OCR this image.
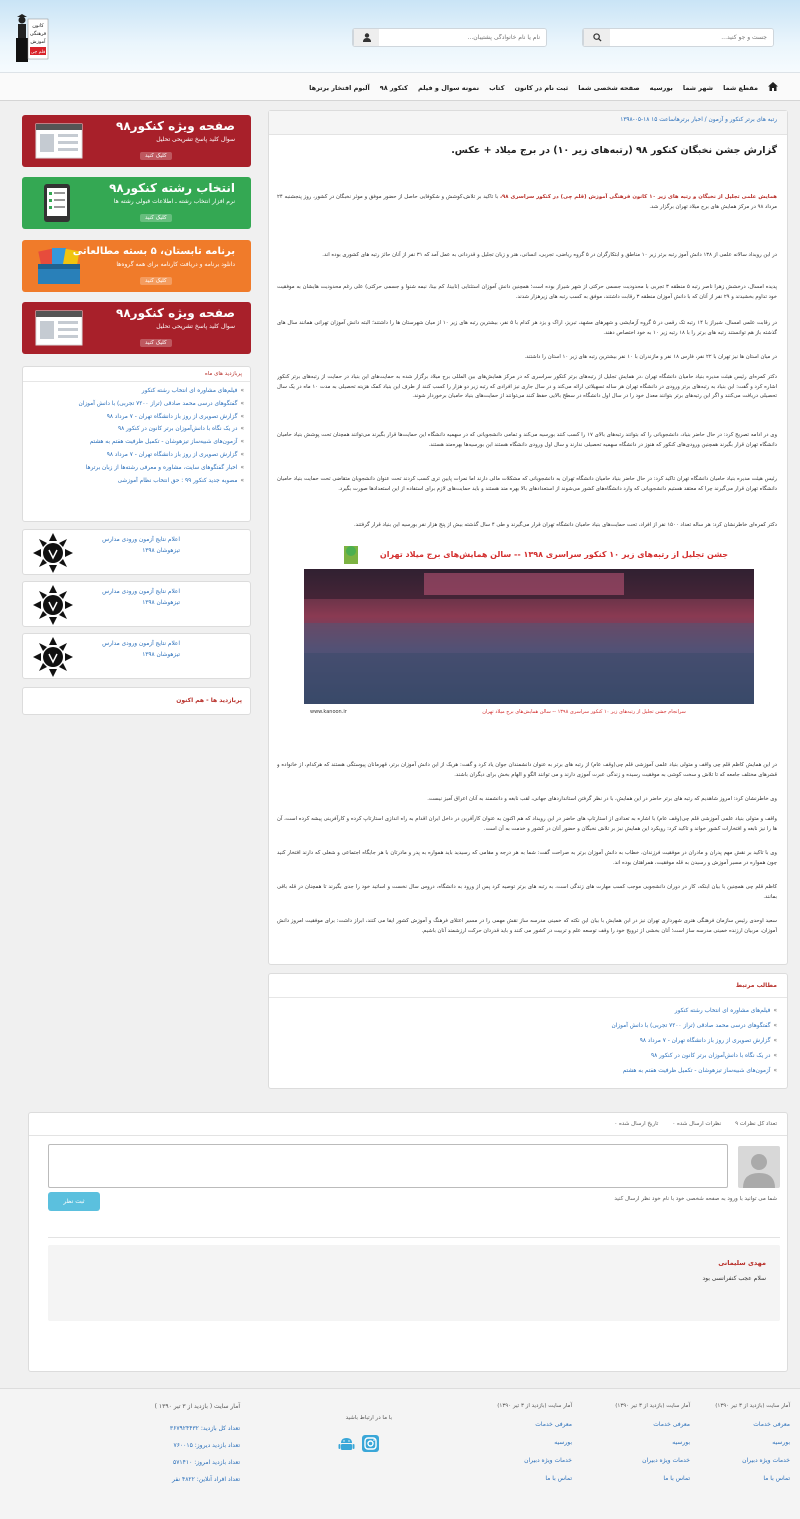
کانون
فرهنگی
آموزش
قلم چی
جست و جو کنید...
نام یا نام خانوادگی پشتیبان...
مقطع شما
شهر شما
بورسیه
صفحه شخصی شما
ثبت نام در کانون
کتاب
نمونه سوال و فیلم
کنکور ۹۸
آلبوم افتخار برترها
صفحه ویژه کنکور۹۸
سوال کلید پاسخ تشریحی تحلیل
کلیک کنید
انتخاب رشته کنکور۹۸
نرم افزار انتخاب رشته ـ اطلاعات قبولی رشته ها
کلیک کنید
برنامه تابستان، ۵ بسته مطالعاتی
دانلود برنامه و دریافت کارنامه برای همه گروه‌ها
کلیک کنید
صفحه ویژه کنکور۹۸
سوال کلید پاسخ تشریحی تحلیل
کلیک کنید
پربازدید های ماه
» فیلم‌های مشاوره ای انتخاب رشته کنکور
» گفتگوهای درسی محمد صادقی (تراز ۷۲۰۰ تجربی) با دانش آموزان
» گزارش تصویری از روز باز دانشگاه تهران - ۷ مرداد ۹۸
» در یک نگاه با دانش‌آموزان برتر کانون در کنکور ۹۸
» آزمون‌های شبیه‌ساز تیزهوشان - تکمیل ظرفیت هفتم به هشتم
» گزارش تصویری از روز باز دانشگاه تهران - ۷ مرداد ۹۸
» اخبار گفتگوهای سایت، مشاوره و معرفی رشته‌ها از زبان برترها
» مصوبه جدید کنکور ۹۹ : حق انتخاب نظام آموزشی
اعلام نتایج آزمون ورودی مدارس تیزهوشان ۱۳۹۸
اعلام نتایج آزمون ورودی مدارس تیزهوشان ۱۳۹۸
اعلام نتایج آزمون ورودی مدارس تیزهوشان ۱۳۹۸
پربازدید ها - هم اکنون
رتبه های برتر کنکور و آزمون / اخبار برترهاساعت ۱۵ ۱۸-۰۵-۱۳۹۸
گزارش جشن نخبگان کنکور ۹۸ (رتبه‌های زیر ۱۰) در برج میلاد + عکس.
همایش علمی تجلیل از نخبگان و رتبه های زیر ۱۰ کانون فرهنگی آموزش (قلم چی) در کنکور سراسری ۹۸، با تاکید بر تلاش،کوشش و شکوفایی حاصل از حضور موفق و موثر نخبگان در کشور، روز پنجشنبه ۲۴ مرداد ۹۸ در مرکز همایش های برج میلاد تهران برگزار شد.
در این رویداد سالانه علمی از ۱۳۸ دانش آموز رتبه برتر زیر ۱۰ مناطق و ابتکارگران در ۵ گروه ریاضی، تجربی، انسانی، هنر و زبان تجلیل و قدردانی به عمل آمد که ۳۱ نفر از آنان حائز رتبه های کشوری بوده اند.
پدیده امسال، درخشش زهرا ناصر رتبه ۵ منطقه ۳ تجربی با محدودیت جسمی حرکتی از شهر شیراز بوده است؛ همچنین دانش آموزان استثنایی (نابینا، کم بینا، نیمه شنوا و جسمی حرکتی) علی رغم محدودیت هایشان به موفقیت خود تداوم بخشیدند و ۲۹ نفر از آنان که با دانش آموزان منطقه ۳ رقابت داشتند، موفق به کسب رتبه های زیرهزار شدند.
در رقابت علمی امسال، شیراز با ۱۴ رتبه تک رقمی در ۵ گروه آزمایشی و شهرهای مشهد، تبریز، اراک و یزد هر کدام با ۵ نفر، بیشترین رتبه های زیر ۱۰ از میان شهرستان ها را داشتند؛ البته دانش آموزان تهرانی همانند سال های گذشته باز هم توانستند رتبه های برتر را با ۱۸ رتبه زیر ۱۰ به خود اختصاص دهند.
در میان استان ها نیز تهران با ۲۲ نفر، فارس ۱۸ نفر و مازندران با ۱۰ نفر بیشترین رتبه های زیر ۱۰ استان را داشتند.
دکتر کمره‌ای رئیس هیئت مدیره بنیاد حامیان دانشگاه تهران ،در همایش تجلیل از رتبه‌های برتر کنکور سراسری که در مرکز همایش‌های بین المللی برج میلاد برگزار شده به حمایت‌های این بنیاد در حمایت از رتبه‌های برتر کنکور اشاره کرد و گفت: این بنیاد به رتبه‌های برتر ورودی در دانشگاه تهران هر ساله تسهیلاتی ارائه می‌کند و در سال جاری نیز افرادی که رتبه زیر دو هزار را کسب کنند از طرف این بنیاد کمک هزینه تحصیلی به مدت ۱۰ ماه در یک سال تحصیلی دریافت می‌کنند و اگر این رتبه‌های برتر بتوانند معدل خود را در سال اول دانشگاه در سطح بالایی حفظ کنند می‌توانند از حمایت‌های بنیاد حامیان برخوردار شوند.
وی در ادامه تصریح کرد: در حال حاضر بنیاد، دانشجویانی را که بتوانند رتبه‌های بالای ۱۷ را کسب کنند بورسیه می‌کند و تمامی دانشجویانی که در سهمیه دانشگاه این حمایت‌ها قرار بگیرند می‌توانند همچنان تحت پوشش بنیاد حامیان دانشگاه تهران قرار بگیرند همچنین ورودی‌های کنکور که هنوز در دانشگاه سهمیه تحصیلی ندارند و سال اول ورودی دانشگاه هستند این بورسیه‌ها بهره‌مند هستند.
رئیس هیئت مدیره بنیاد حامیان دانشگاه تهران تاکید کرد: در حال حاضر بنیاد حامیان دانشگاه تهران به دانشجویانی که مشکلات مالی دارند اما نمرات پایین تری کسب کردند تحت عنوان دانشجویان متقاضی تحت حمایت بنیاد حامیان دانشگاه تهران قرار می‌گیرند چرا که معتقد هستیم دانشجویانی که وارد دانشگاه‌های کشور می‌شوند از استعدادهای بالا بهره مند هستند و باید حمایت‌های لازم برای استفاده از این استعدادها صورت بگیرد.
دکتر کمره‌ای خاطرنشان کرد: هر ساله تعداد ۱۵۰۰ نفر از افراد، تحت حمایت‌های بنیاد حامیان دانشگاه تهران قرار می‌گیرند و طی ۴ سال گذشته بیش از پنج هزار نفر بورسیه این بنیاد قرار گرفتند.
جشن تجلیل از رتبه‌های زیر ۱۰ کنکور سراسری ۱۳۹۸ -- سالن همایش‌های برج میلاد تهران
www.kanoon.ir	سرانجام جشن تجلیل از رتبه‌های زیر ۱۰ کنکور سراسری ۱۳۹۸ -- سالن همایش‌های برج میلاد تهران
در این همایش کاظم قلم چی واقف و متولی بنیاد علمی آموزشی قلم چی(وقف عام) از رتبه های برتر به عنوان دانشمندان جوان یاد کرد و گفت: هریک از این دانش آموزان برتر، قهرمانان پیوستگی هستند که هرکدام، از خانواده و قشرهای مختلف جامعه که تا تلاش و سخت کوشی به موفقیت رسیده و زندگی عبرت آموزی دارند و می توانند الگو و الهام بخش برای دیگران باشند.
وی خاطرنشان کرد: امروز شاهدیم که رتبه های برتر حاضر در این همایش، با در نظر گرفتن استانداردهای جهانی، لقب نابغه و دانشمند به آنان اعراق آمیز نیست.
واقف و متولی بنیاد علمی آموزشی قلم چی(وقف عام) با اشاره به تعدادی از استارتاپ های حاضر در این رویداد که هم اکنون به عنوان کارآفرین در داخل ایران اقدام به راه اندازی استارتاپ کرده و کارآفرینی پیشه کرده است، آن ها را نیز نابغه و افتخارات کشور خواند و تاکید کرد: رویکرد این همایش نیز بر تلاش نخبگان و حضور آنان در کشور و خدمت به آن است.
وی با تاکید بر نقش مهم پدران و مادران در موفقیت فرزندان، خطاب به دانش آموزان برتر به صراحت گفت: شما به هر درجه و مقامی که رسیدید باید همواره به پدر و مادرتان با هر جایگاه اجتماعی و شغلی که دارند افتخار کنید چون همواره در مسیر آموزش و رسیدن به قله موفقیت، همراهتان بوده اند.
کاظم قلم چی همچنین با بیان اینکه، کار در دوران دانشجویی موجب کسب مهارت های زندگی است، به رتبه های برتر توصیه کرد پس از ورود به دانشگاه، دروس سال نخست و اساتید خود را جدی بگیرند تا همچنان در قله باقی بمانند.
سعید اوحدی رئیس سازمان فرهنگی هنری شهرداری تهران نیز در این همایش با بیان این نکته که خمینی مدرسه ساز نقش مهمی را در مسیر اعتلای فرهنگ و آموزش کشور ایفا می کنند، ابراز داشت: برای موفقیت امروز دانش آموزان، مربیان ارزنده خمینی مدرسه ساز است؛ آنان بخشی از ترویج خود را وقف توسعه علم و تربیت در کشور می کنند و باید قدردان حرکت ارزشمند آنان باشیم.
مطالب مرتبط
» فیلم‌های مشاوره ای انتخاب رشته کنکور
» گفتگوهای درسی محمد صادقی (تراز ۷۲۰۰ تجربی) با دانش آموزان
» گزارش تصویری از روز باز دانشگاه تهران - ۷ مرداد ۹۸
» در یک نگاه با دانش‌آموزان برتر کانون در کنکور ۹۸
» آزمون‌های شبیه‌ساز تیزهوشان - تکمیل ظرفیت هفتم به هشتم
تعداد کل نظرات ۹
نظرات ارسال شده ۰
تاریخ ارسال شده ۰
ثبت نظر	شما می توانید با ورود به صفحه شخصی خود با نام خود نظر ارسال کنید
مهدی سلیمانی
سلام عجب کنفرانسی بود
آمار سایت (بازدید از ۳ تیر ۱۳۹۰)
معرفی خدمات
بورسیه
خدمات ویژه دبیران
تماس با ما
آمار سایت (بازدید از ۳ تیر ۱۳۹۰)
معرفی خدمات
بورسیه
خدمات ویژه دبیران
تماس با ما
آمار سایت (بازدید از ۳ تیر ۱۳۹۰)
معرفی خدمات
بورسیه
خدمات ویژه دبیران
تماس با ما
با ما در ارتباط باشید
آمار سایت ( بازدید از ۳ تیر ۱۳۹۰ )
تعداد کل بازدید: ۳۶۷۹۲۴۴۳۲
تعداد بازدید دیروز: ۷۶۰۰۱۵
تعداد بازدید امروز: ۵۷۱۴۱۰
تعداد افراد آنلاین: ۴۸۲۲ نفر
